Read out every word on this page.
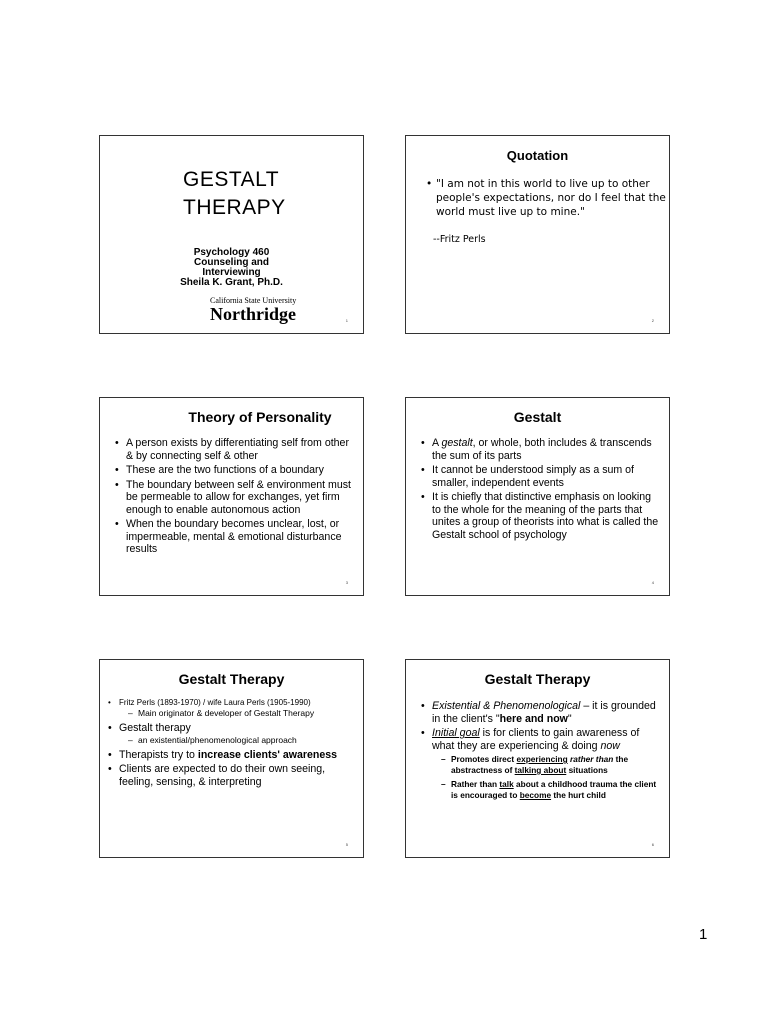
GESTALT
THERAPY
Psychology 460
Counseling and
Interviewing
Sheila K. Grant, Ph.D.
California State University
Northridge	1
Quotation
• "I am not in this world to live up to other people's expectations, nor do I feel that the world must live up to mine."
--Fritz Perls
2
Theory of Personality
• A person exists by differentiating self from other & by connecting self & other
• These are the two functions of a boundary
• The boundary between self & environment must be permeable to allow for exchanges, yet firm enough to enable autonomous action
• When the boundary becomes unclear, lost, or impermeable, mental & emotional disturbance results
3
Gestalt
• A gestalt, or whole, both includes & transcends the sum of its parts
• It cannot be understood simply as a sum of smaller, independent events
• It is chiefly that distinctive emphasis on looking to the whole for the meaning of the parts that unites a group of theorists into what is called the Gestalt school of psychology
4
Gestalt Therapy
• Fritz Perls (1893-1970) / wife Laura Perls (1905-1990)
– Main originator & developer of Gestalt Therapy
• Gestalt therapy
– an existential/phenomenological approach
• Therapists try to increase clients' awareness
• Clients are expected to do their own seeing, feeling, sensing, & interpreting
5
Gestalt Therapy
• Existential & Phenomenological – it is grounded in the client's "here and now"
• Initial goal is for clients to gain awareness of what they are experiencing & doing now
– Promotes direct experiencing rather than the abstractness of talking about situations
– Rather than talk about a childhood trauma the client is encouraged to become the hurt child
6
1
